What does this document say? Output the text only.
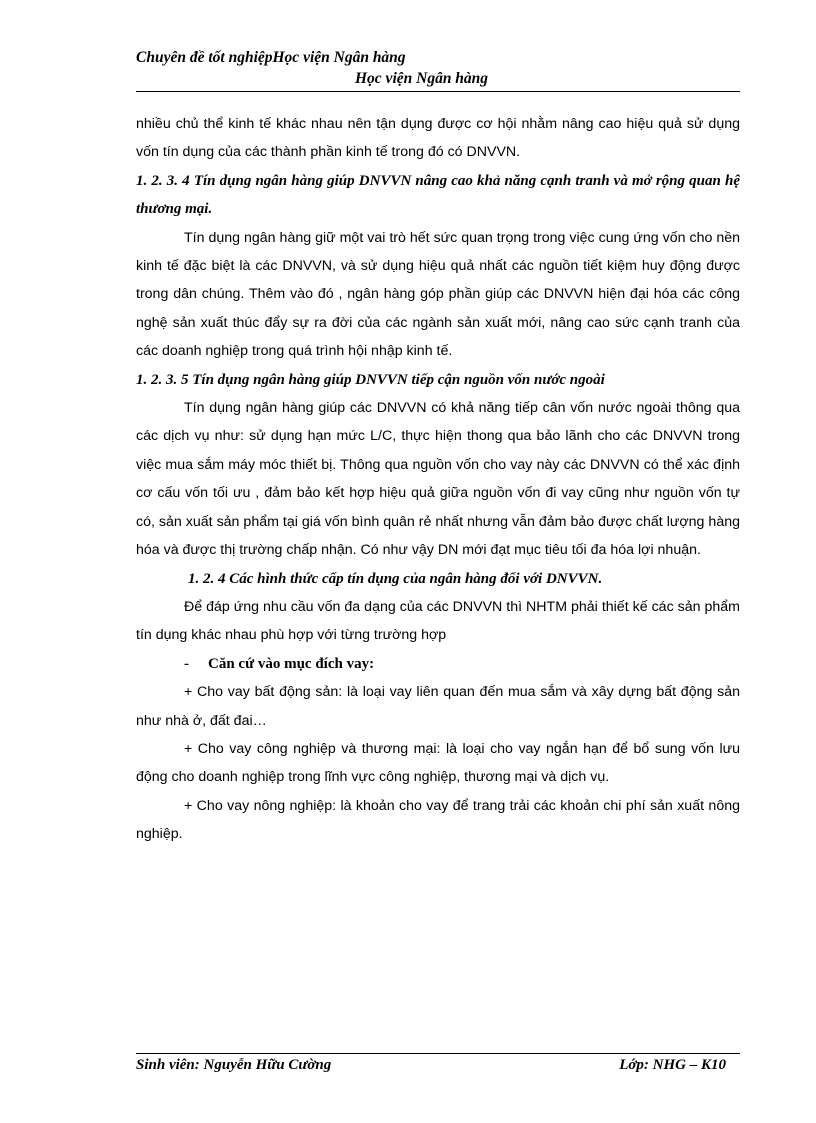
Chuyên đề tốt nghiệpHọc viện Ngân hàng
Học viện Ngân hàng

nhiều chủ thể kinh tế khác nhau nên tận dụng được cơ hội nhằm nâng cao hiệu quả sử dụng vốn tín dụng của các thành phần kinh tế trong đó có DNVVN.

1. 2. 3. 4 Tín dụng ngân hàng giúp DNVVN nâng cao khả năng cạnh tranh và mở rộng quan hệ thương mại.

Tín dụng ngân hàng giữ một vai trò hết sức quan trọng trong việc cung ứng vốn cho nền kinh tế đặc biệt là các DNVVN, và sử dụng hiệu quả nhất các nguồn tiết kiệm huy động được trong dân chúng. Thêm vào đó , ngân hàng góp phần giúp các DNVVN hiện đại hóa các công nghệ sản xuất thúc đẩy sự ra đời của các ngành sản xuất mới, nâng cao sức cạnh tranh của các doanh nghiệp trong quá trình hội nhập kinh tế.

1. 2. 3. 5 Tín dụng ngân hàng giúp DNVVN tiếp cận nguồn vốn nước ngoài

Tín dụng ngân hàng giúp các DNVVN có khả năng tiếp cân vốn nước ngoài thông qua các dịch vụ như: sử dụng hạn mức L/C, thực hiện thong qua bảo lãnh cho các DNVVN trong việc mua sắm máy móc thiết bị. Thông qua nguồn vốn cho vay này các DNVVN có thể xác định cơ cấu vốn tối ưu , đảm bảo kết hợp hiệu quả giữa nguồn vốn đi vay cũng như nguồn vốn tự có, sản xuất sản phẩm tại giá vốn bình quân rẻ nhất nhưng vẫn đảm bảo được chất lượng hàng hóa và được thị trường chấp nhận. Có như vậy DN mới đạt mục tiêu tối đa hóa lợi nhuận.

1. 2. 4 Các hình thức cấp tín dụng của ngân hàng đối với DNVVN.

Để đáp ứng nhu cầu vốn đa dạng của các DNVVN thì NHTM phải thiết kế các sản phẩm tín dụng khác nhau phù hợp với từng trường hợp

- Căn cứ vào mục đích vay:

+ Cho vay bất động sản: là loại vay liên quan đến mua sắm và xây dựng bất động sản như nhà ở, đất đai…

+ Cho vay công nghiệp và thương mại: là loại cho vay ngắn hạn để bổ sung vốn lưu động cho doanh nghiệp trong lĩnh vực công nghiệp, thương mại và dịch vụ.

+ Cho vay nông nghiệp: là khoản cho vay để trang trải các khoản chi phí sản xuất nông nghiệp.

Sinh viên: Nguyễn Hữu Cường	Lớp: NHG – K10
